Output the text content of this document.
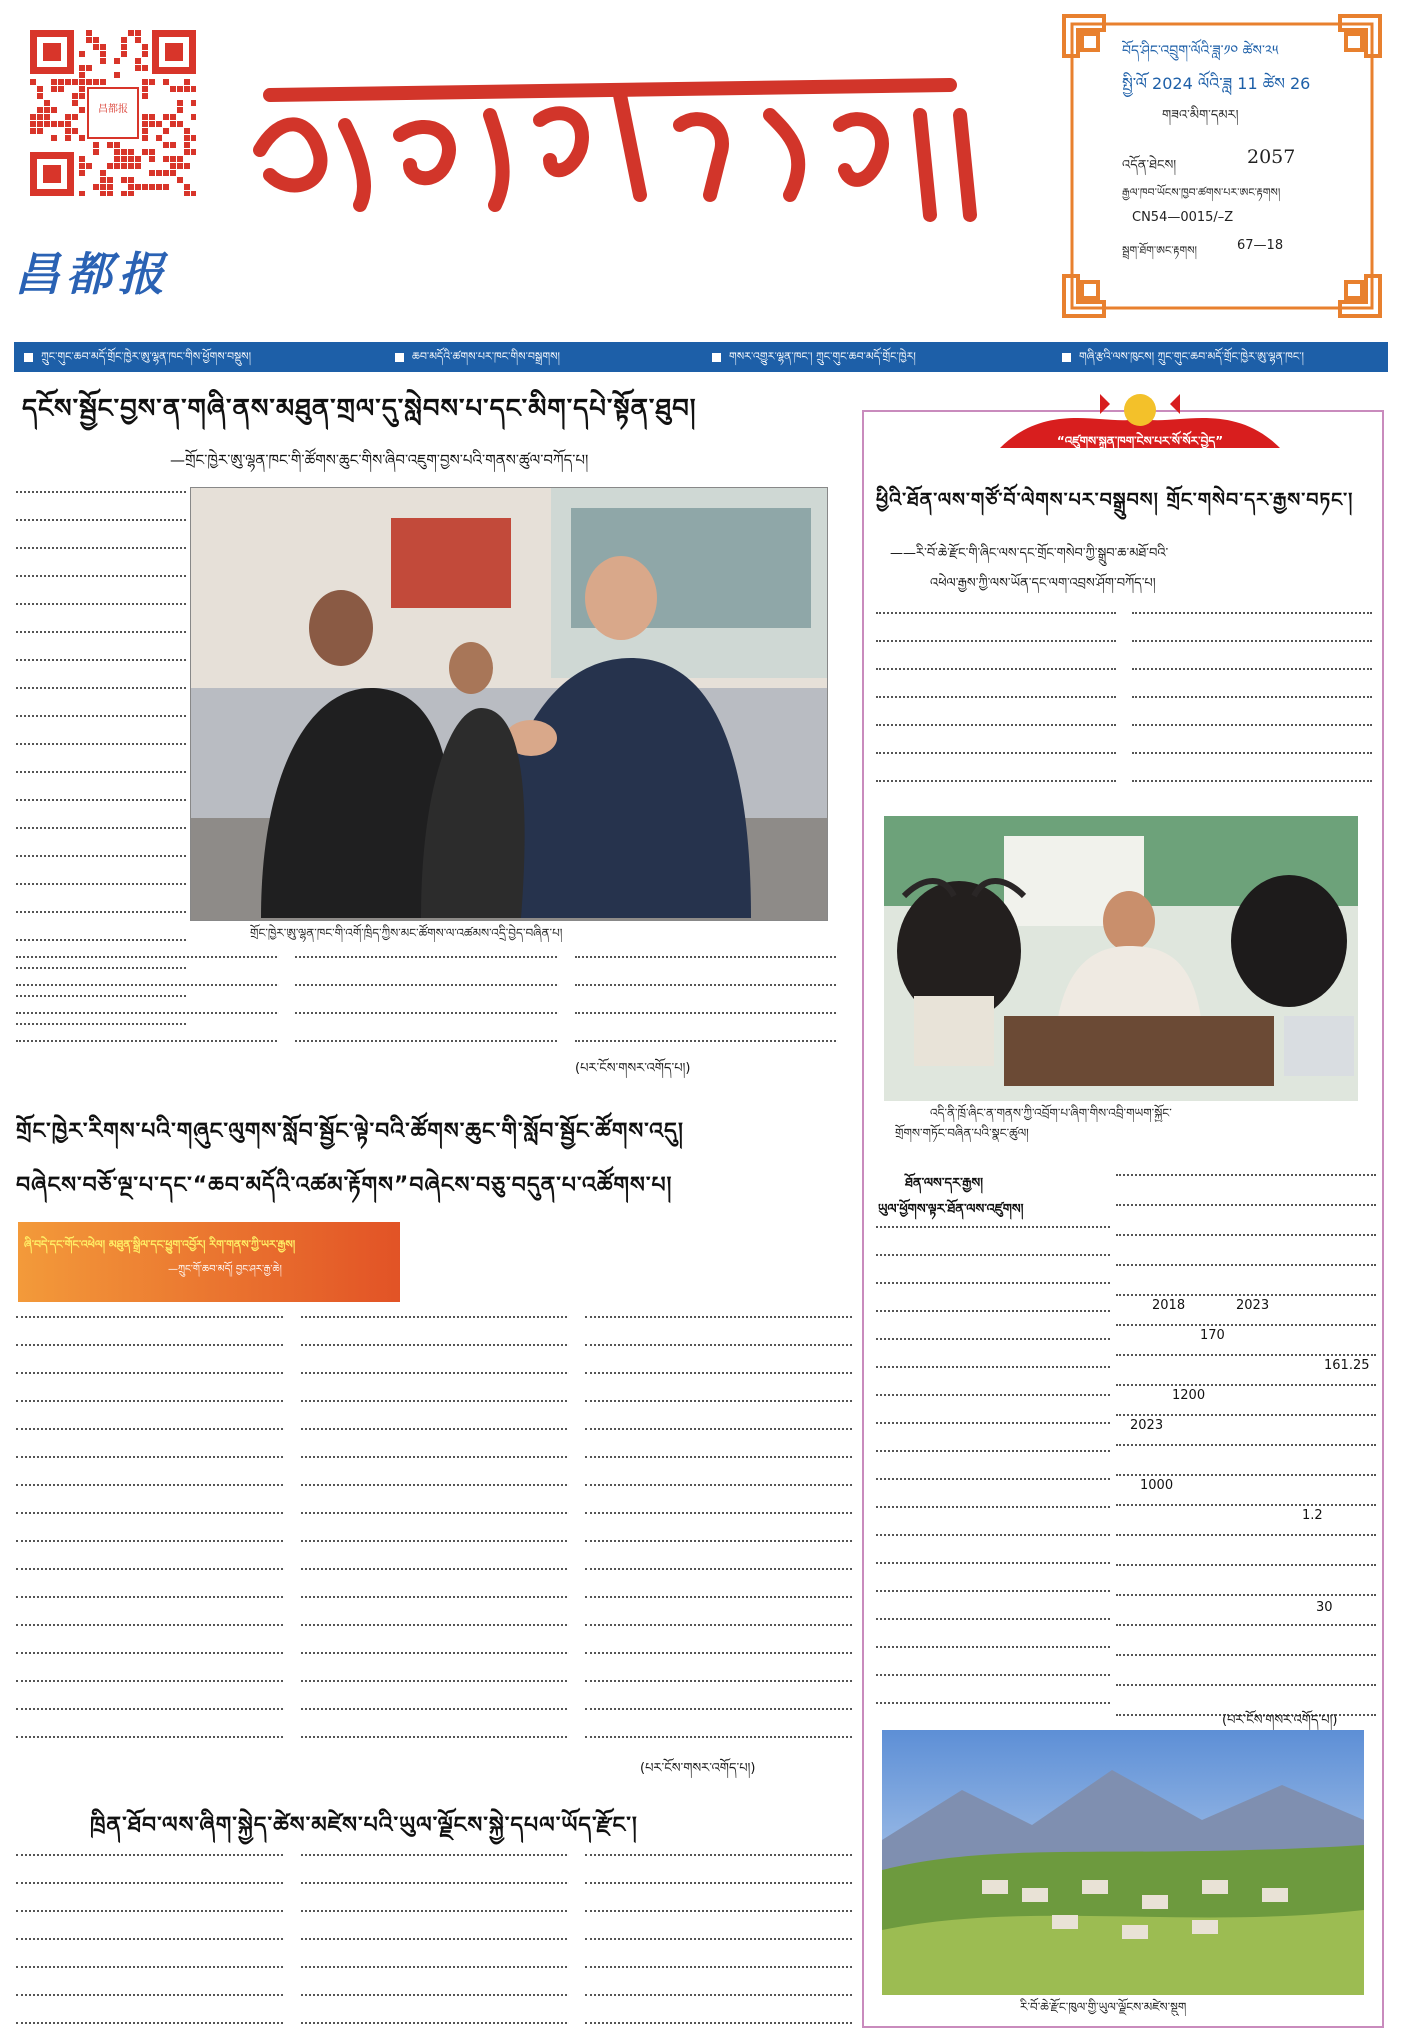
昌都报
昌都报
བོད་ཤིང་འབྲུག་ལོའི་ཟླ་༡༠ ཚེས་༢༥
སྤྱི་ལོ 2024 ལོའི་ཟླ 11 ཚེས 26
གཟའ་མིག་དམར།
འདོན་ཐེངས།	2057
རྒྱལ་ཁབ་ཡོངས་ཁྱབ་ཚགས་པར་ཨང་རྟགས།
CN54—0015/–Z
སྦྲག་ཐོག་ཨང་རྟགས།	67—18
ཀྲུང་གུང་ཆབ་མདོ་གྲོང་ཁྱེར་ཨུ་ལྷན་ཁང་གིས་ཕྱོགས་བསྡུས།	ཆབ་མདོའི་ཚགས་པར་ཁང་གིས་བསྒྲགས།	གསར་འགྱུར་ལྷན་ཁང་། ཀྲུང་གུང་ཆབ་མདོ་གྲོང་ཁྱེར།	གཞི་རྩའི་ལས་ཁུངས། ཀྲུང་གུང་ཆབ་མདོ་གྲོང་ཁྱེར་ཨུ་ལྷན་ཁང་།
དངོས་སྦྱོང་བྱས་ན་གཞི་ནས་མཐུན་གྲལ་དུ་སླེབས་པ་དང་མིག་དཔེ་སྟོན་ཐུབ།
—གྲོང་ཁྱེར་ཨུ་ལྷན་ཁང་གི་ཚོགས་ཆུང་གིས་ཞིབ་འཇུག་བྱས་པའི་གནས་ཚུལ་བཀོད་པ།
གྲོང་ཁྱེར་ཨུ་ལྷན་ཁང་གི་འགོ་ཁྲིད་ཀྱིས་མང་ཚོགས་ལ་འཚམས་འདྲི་བྱེད་བཞིན་པ།
(པར་ངོས་གསར་འགོད་པ།)
གྲོང་ཁྱེར་རིགས་པའི་གཞུང་ལུགས་སློབ་སྦྱོང་ལྟེ་བའི་ཚོགས་ཆུང་གི་སློབ་སྦྱོང་ཚོགས་འདུ།
བཞེངས་བཅོ་ལྔ་པ་དང་“ཆབ་མདོའི་འཚམ་རྟོགས”བཞེངས་བཅུ་བདུན་པ་འཚོགས་པ།
ཞི་བདེ་དང་གོང་འཕེལ། མཐུན་སྒྲིལ་དང་ཕྱུག་འབྱོར། རིག་གནས་ཀྱི་ཡར་རྒྱས།
—ཀྲུང་གོ་ཆབ་མདོ། བྱང་ཤར་རྒྱ་ཆེ།
(པར་ངོས་གསར་འགོད་པ།)
ཁྲིན་ཐོབ་ལས་ཞིག་སྐྱེད་ཚེས་མཛེས་པའི་ཡུལ་ལྗོངས་སྐྱེ་དཔལ་ཡོད་རྫོང་།
“འཛུགས་སྐྲུན་ཁག་ངེས་པར་སོ་སོར་བྱེད”
ཕྱིའི་ཐོན་ལས་གཙོ་བོ་ལེགས་པར་བསྒྲུབས། གྲོང་གསེབ་དར་རྒྱས་བཏང་།
——རི་བོ་ཆེ་རྫོང་གི་ཞིང་ལས་དང་གྲོང་གསེབ་ཀྱི་སྒྲུབ་ཆ་མཐོ་བའི་
འཕེལ་རྒྱས་ཀྱི་ལས་ཡོན་དང་ལག་འབྲས་ཤོག་བཀོད་པ།
འདི་ནི་ཁྲོ་ཞིང་ན་གནས་ཀྱི་འབྲོག་པ་ཞིག་གིས་འབྲི་གཡག་སྐྱོང་
གྲོགས་གཏོང་བཞིན་པའི་སྣང་ཚུལ།
ཐོན་ལས་དར་རྒྱས།
ཡུལ་ཕྱོགས་ལྟར་ཐོན་ལས་འཛུགས།
2018	2023
170
161.25
1200
2023
1000
1.2
30
(པར་ངོས་གསར་འགོད་པ།)
རི་བོ་ཆེ་རྫོང་ཁུལ་གྱི་ཡུལ་ལྗོངས་མཛེས་སྡུག
